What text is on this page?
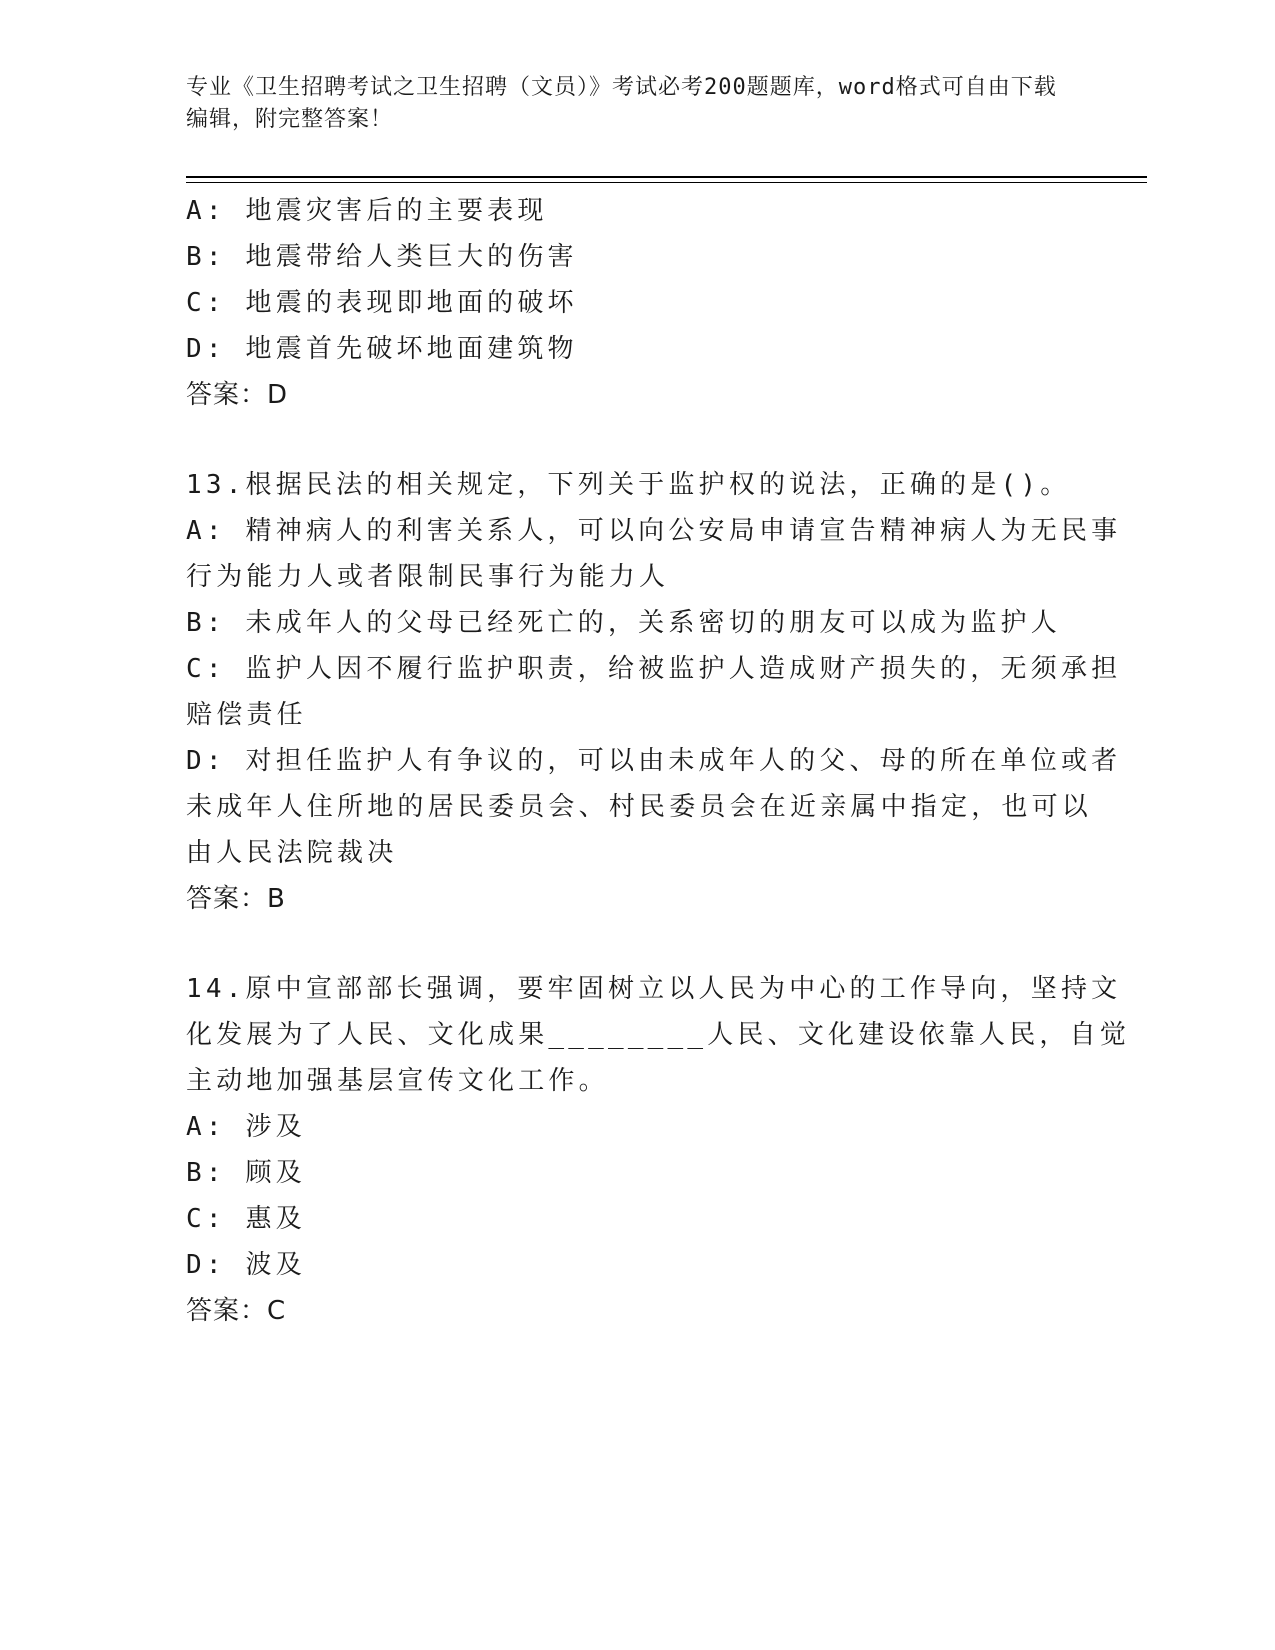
专业《卫生招聘考试之卫生招聘（文员）》考试必考200题题库，word格式可自由下载编辑，附完整答案！
A: 地震灾害后的主要表现
B: 地震带给人类巨大的伤害
C: 地震的表现即地面的破坏
D: 地震首先破坏地面建筑物
答案：D
13.根据民法的相关规定，下列关于监护权的说法，正确的是()。
A: 精神病人的利害关系人，可以向公安局申请宣告精神病人为无民事
行为能力人或者限制民事行为能力人
B: 未成年人的父母已经死亡的，关系密切的朋友可以成为监护人
C: 监护人因不履行监护职责，给被监护人造成财产损失的，无须承担
赔偿责任
D: 对担任监护人有争议的，可以由未成年人的父、母的所在单位或者
未成年人住所地的居民委员会、村民委员会在近亲属中指定，也可以
由人民法院裁决
答案：B
14.原中宣部部长强调，要牢固树立以人民为中心的工作导向，坚持文
化发展为了人民、文化成果________人民、文化建设依靠人民，自觉
主动地加强基层宣传文化工作。
A: 涉及
B: 顾及
C: 惠及
D: 波及
答案：C
